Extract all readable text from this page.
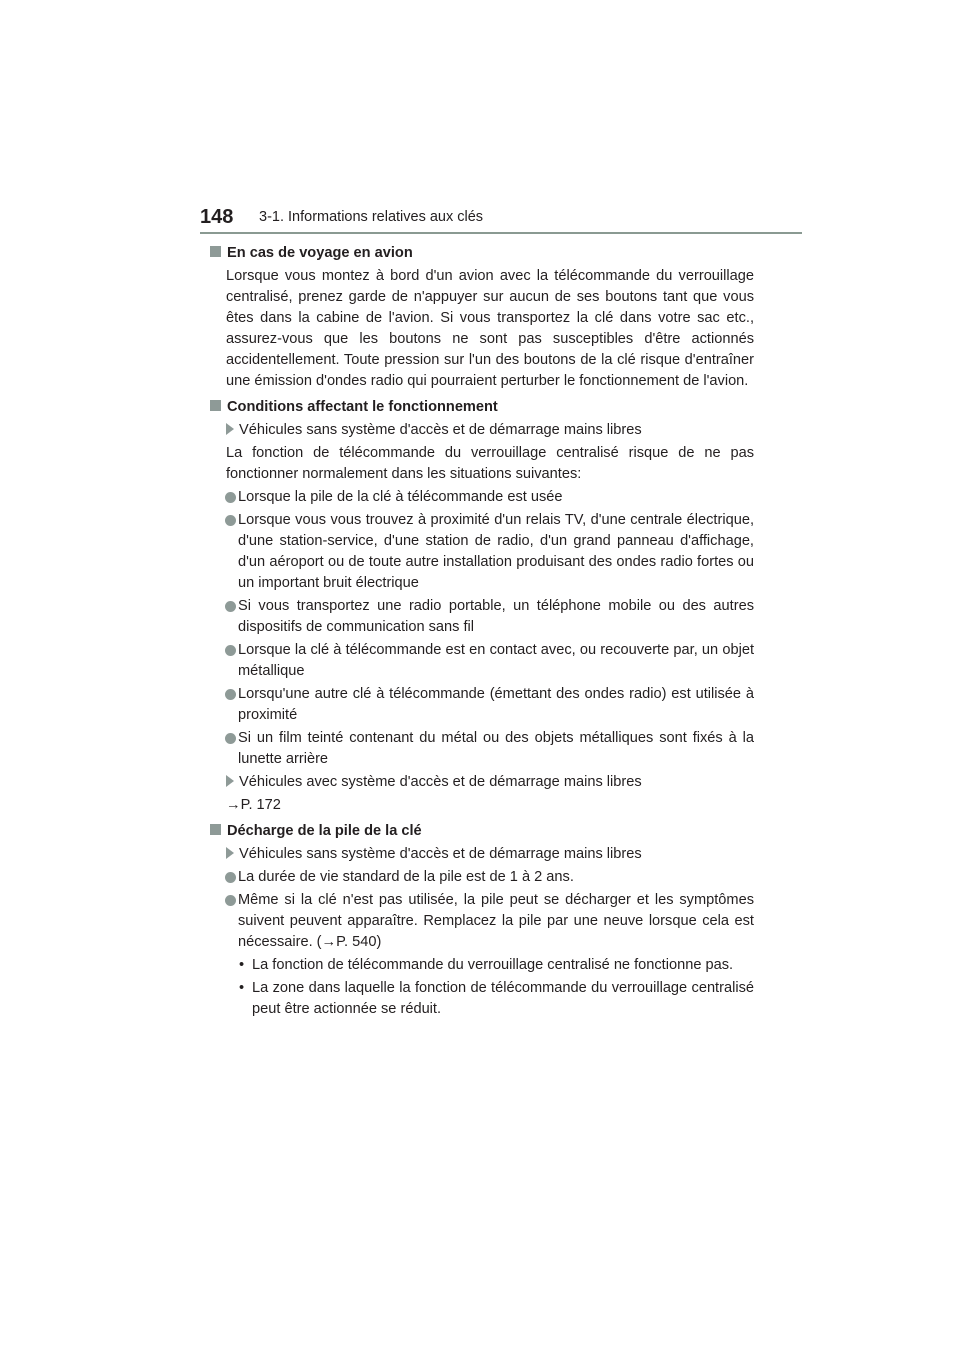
148 3-1. Informations relatives aux clés
En cas de voyage en avion
Lorsque vous montez à bord d'un avion avec la télécommande du verrouillage centralisé, prenez garde de n'appuyer sur aucun de ses boutons tant que vous êtes dans la cabine de l'avion. Si vous transportez la clé dans votre sac etc., assurez-vous que les boutons ne sont pas susceptibles d'être actionnés accidentellement. Toute pression sur l'un des boutons de la clé risque d'entraîner une émission d'ondes radio qui pourraient perturber le fonctionnement de l'avion.
Conditions affectant le fonctionnement
Véhicules sans système d'accès et de démarrage mains libres
La fonction de télécommande du verrouillage centralisé risque de ne pas fonctionner normalement dans les situations suivantes:
Lorsque la pile de la clé à télécommande est usée
Lorsque vous vous trouvez à proximité d'un relais TV, d'une centrale électrique, d'une station-service, d'une station de radio, d'un grand panneau d'affichage, d'un aéroport ou de toute autre installation produisant des ondes radio fortes ou un important bruit électrique
Si vous transportez une radio portable, un téléphone mobile ou des autres dispositifs de communication sans fil
Lorsque la clé à télécommande est en contact avec, ou recouverte par, un objet métallique
Lorsqu'une autre clé à télécommande (émettant des ondes radio) est utilisée à proximité
Si un film teinté contenant du métal ou des objets métalliques sont fixés à la lunette arrière
Véhicules avec système d'accès et de démarrage mains libres
→P. 172
Décharge de la pile de la clé
Véhicules sans système d'accès et de démarrage mains libres
La durée de vie standard de la pile est de 1 à 2 ans.
Même si la clé n'est pas utilisée, la pile peut se décharger et les symptômes suivent peuvent apparaître. Remplacez la pile par une neuve lorsque cela est nécessaire. (→P. 540)
• La fonction de télécommande du verrouillage centralisé ne fonctionne pas.
• La zone dans laquelle la fonction de télécommande du verrouillage centralisé peut être actionnée se réduit.
